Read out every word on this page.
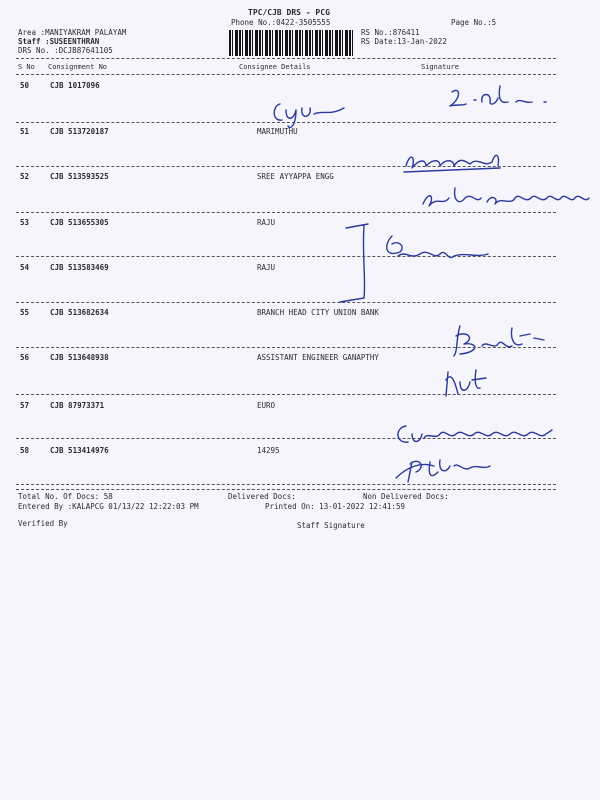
TPC/CJB DRS - PCG
Phone No.:0422-3505555	Page No.:5
Area :MANIYAKRAM PALAYAM
Staff :SUSEENTHRAN
DRS No. :DCJB87641105
RS No.:876411
RS Date:13-Jan-2022
S No Consignment No	Consignee Details	Signature
50	CJB 1017096
51	CJB 513720187	MARIMUTHU
52	CJB 513593525	SREE AYYAPPA ENGG
53	CJB 513655305	RAJU
54	CJB 513583469	RAJU
55	CJB 513682634	BRANCH HEAD CITY UNION BANK
56	CJB 513648938	ASSISTANT ENGINEER GANAPTHY
57	CJB 87973371	EURO
58	CJB 513414976	14295
Total No. Of Docs: 58	Delivered Docs:	Non Delivered Docs:
Entered By :KALAPCG 01/13/22 12:22:03 PM	Printed On: 13-01-2022 12:41:59
Verified By	Staff Signature
